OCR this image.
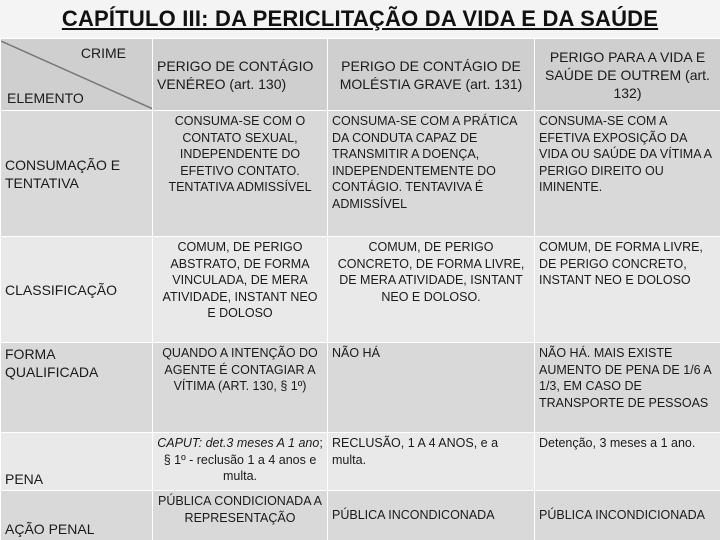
CAPÍTULO III: DA PERICLITAÇÃO DA VIDA E DA SAÚDE
CRIME
ELEMENTO	PERIGO DE CONTÁGIO VENÉREO (art. 130)	PERIGO DE CONTÁGIO DE MOLÉSTIA GRAVE (art. 131)	PERIGO PARA A VIDA E SAÚDE DE OUTREM (art. 132)
CONSUMAÇÃO E TENTATIVA	CONSUMA-SE COM O CONTATO SEXUAL, INDEPENDENTE DO EFETIVO CONTATO. TENTATIVA ADMISSÍVEL	CONSUMA-SE COM A PRÁTICA DA CONDUTA CAPAZ DE TRANSMITIR A DOENÇA, INDEPENDENTEMENTE DO CONTÁGIO. TENTAVIVA É ADMISSÍVEL	CONSUMA-SE COM A EFETIVA EXPOSIÇÃO DA VIDA OU SAÚDE DA VÍTIMA A PERIGO DIREITO OU IMINENTE.
CLASSIFICAÇÃO	COMUM, DE PERIGO ABSTRATO, DE FORMA VINCULADA, DE MERA ATIVIDADE, INSTANT NEO E DOLOSO	COMUM, DE PERIGO CONCRETO, DE FORMA LIVRE, DE MERA ATIVIDADE, ISNTANT NEO E DOLOSO.	COMUM, DE FORMA LIVRE, DE PERIGO CONCRETO, INSTANT NEO E DOLOSO
FORMA QUALIFICADA	QUANDO A INTENÇÃO DO AGENTE É CONTAGIAR A VÍTIMA (ART. 130, § 1º)	NÃO HÁ	NÃO HÁ. MAIS EXISTE AUMENTO DE PENA DE 1/6 A 1/3, EM CASO DE TRANSPORTE DE PESSOAS
PENA	CAPUT: det.3 meses A 1 ano; § 1º - reclusão 1 a 4 anos e multa.	RECLUSÃO, 1 A 4 ANOS, e a multa.	Detenção, 3 meses a 1 ano.
AÇÃO PENAL	PÚBLICA CONDICIONADA A REPRESENTAÇÃO	PÚBLICA INCONDICONADA	PÚBLICA INCONDICIONADA
